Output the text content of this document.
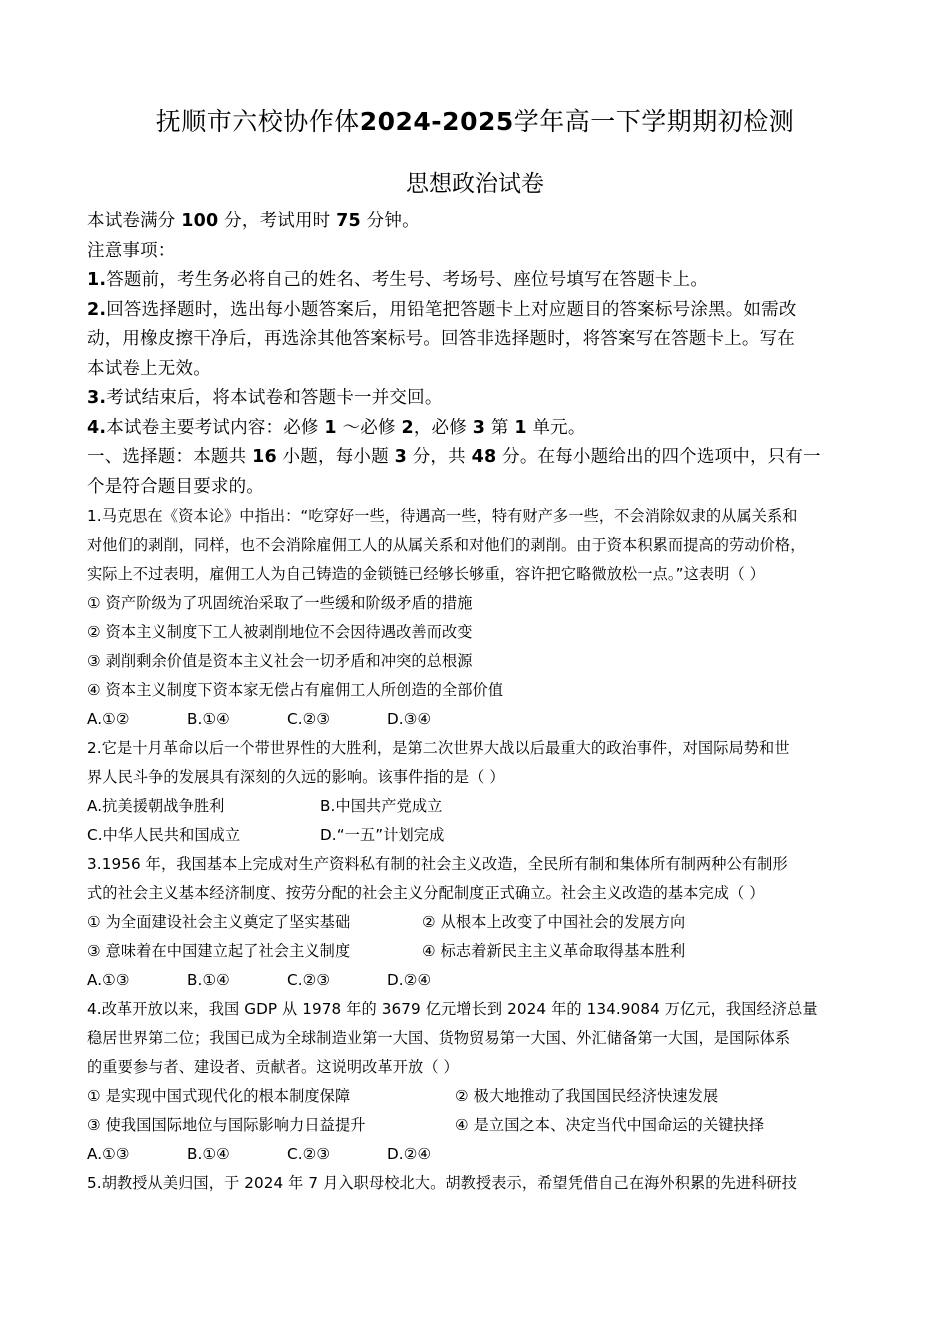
抚顺市六校协作体2024-2025学年高一下学期期初检测
思想政治试卷
本试卷满分 100 分，考试用时 75 分钟。
注意事项：
1.答题前，考生务必将自己的姓名、考生号、考场号、座位号填写在答题卡上。
2.回答选择题时，选出每小题答案后，用铅笔把答题卡上对应题目的答案标号涂黑。如需改
动，用橡皮擦干净后，再选涂其他答案标号。回答非选择题时，将答案写在答题卡上。写在
本试卷上无效。
3.考试结束后，将本试卷和答题卡一并交回。
4.本试卷主要考试内容：必修 1 ～必修 2，必修 3 第 1 单元。
一、选择题：本题共 16 小题，每小题 3 分，共 48 分。在每小题给出的四个选项中，只有一
个是符合题目要求的。
1.马克思在《资本论》中指出：“吃穿好一些，待遇高一些，特有财产多一些，不会消除奴隶的从属关系和
对他们的剥削，同样，也不会消除雇佣工人的从属关系和对他们的剥削。由于资本积累而提高的劳动价格，
实际上不过表明，雇佣工人为自己铸造的金锁链已经够长够重，容许把它略微放松一点。”这表明（ ）
① 资产阶级为了巩固统治采取了一些缓和阶级矛盾的措施
② 资本主义制度下工人被剥削地位不会因待遇改善而改变
③ 剥削剩余价值是资本主义社会一切矛盾和冲突的总根源
④ 资本主义制度下资本家无偿占有雇佣工人所创造的全部价值
A.①②	B.①④	C.②③	D.③④
2.它是十月革命以后一个带世界性的大胜利，是第二次世界大战以后最重大的政治事件，对国际局势和世
界人民斗争的发展具有深刻的久远的影响。该事件指的是（ ）
A.抗美援朝战争胜利	B.中国共产党成立
C.中华人民共和国成立	D.“一五”计划完成
3.1956 年，我国基本上完成对生产资料私有制的社会主义改造，全民所有制和集体所有制两种公有制形
式的社会主义基本经济制度、按劳分配的社会主义分配制度正式确立。社会主义改造的基本完成（ ）
① 为全面建设社会主义奠定了坚实基础	② 从根本上改变了中国社会的发展方向
③ 意味着在中国建立起了社会主义制度	④ 标志着新民主主义革命取得基本胜利
A.①③	B.①④	C.②③	D.②④
4.改革开放以来，我国 GDP 从 1978 年的 3679 亿元增长到 2024 年的 134.9084 万亿元，我国经济总量
稳居世界第二位；我国已成为全球制造业第一大国、货物贸易第一大国、外汇储备第一大国，是国际体系
的重要参与者、建设者、贡献者。这说明改革开放（ ）
① 是实现中国式现代化的根本制度保障	② 极大地推动了我国国民经济快速发展
③ 使我国国际地位与国际影响力日益提升	④ 是立国之本、决定当代中国命运的关键抉择
A.①③	B.①④	C.②③	D.②④
5.胡教授从美归国，于 2024 年 7 月入职母校北大。胡教授表示，希望凭借自己在海外积累的先进科研技
